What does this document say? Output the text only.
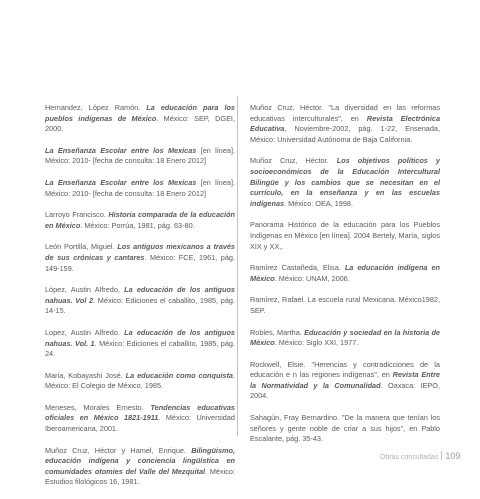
Hernandez, López Ramón. La educación para los pueblos indígenas de México. México: SEP, DGEI, 2000.

La Enseñanza Escolar entre los Mexicas [en línea]. México: 2010- [fecha de consulta: 18 Enero 2012]

La Enseñanza Escolar entre los Mexicas [en línea]. México: 2010- [fecha de consulta: 18 Enero 2012]

Larroyo Francisco. Historia comparada de la educación en México. México: Porrúa, 1981, pág. 63-80.

León Portilla, Miguel. Los antiguos mexicanos a través de sus crónicas y cantares. México: FCE, 1961, pág. 149-159.

López, Austin Alfredo, La educación de los antiguos nahuas. Vol 2. México: Ediciones el caballito, 1985, pág. 14-15.

Lopez, Austin Alfredo. La educación de los antiguos nahuas. Vol. 1. México: Ediciones el caballito, 1985, pág. 24.

Maria, Kobayashi José. La educación como conquista. México: El Colegio de México, 1985.

Meneses, Morales Ernesto. Tendencias educativas oficiales en México 1821-1911. México: Universidad Iberoamericana, 2001.

Muñoz Cruz, Héctor y Hamel, Enrique. Bilingüismo, educación indígena y conciencia lingüística en comunidades otomíes del Valle del Mezquital. México: Estudios filológicos 16, 1981.

Muñoz Cruz, Héctor. "La diversidad en las reformas educativas interculturales", en Revista Electrónica Educativa, Noviembre-2002, pág. 1-22, Ensenada, México: Universidad Autónoma de Baja California.

Muñoz Cruz, Héctor. Los objetivos políticos y socioeconómicos de la Educación Intercultural Bilingüe y los cambios que se necesitan en el currículo, en la enseñanza y en las escuelas indígenas. México: OEA, 1998.

Panorama Histórico de la educación para los Pueblos Indígenas en México [en línea]. 2004 Bertely, María, siglos XIX y XX,.

Ramírez Castañeda, Elisa. La educación indígena en México. México: UNAM, 2006.

Ramírez, Rafael. La escuela rural Mexicana. México1982, SEP.

Robles, Martha. Educación y sociedad en la historia de México. México: Siglo XXI, 1977.

Rockwell, Elsie. "Herencias y contradicciones de la educación e n las regiones indígenas", en Revista Entre la Normatividad y la Comunalidad. Oaxaca: IEPO, 2004.

Sahagún, Fray Bernardino. "De la manera que tenían los señores y gente noble de criar a sus hijos", en Pablo Escalante, pág. 35-43.

Obras consultadas 109
